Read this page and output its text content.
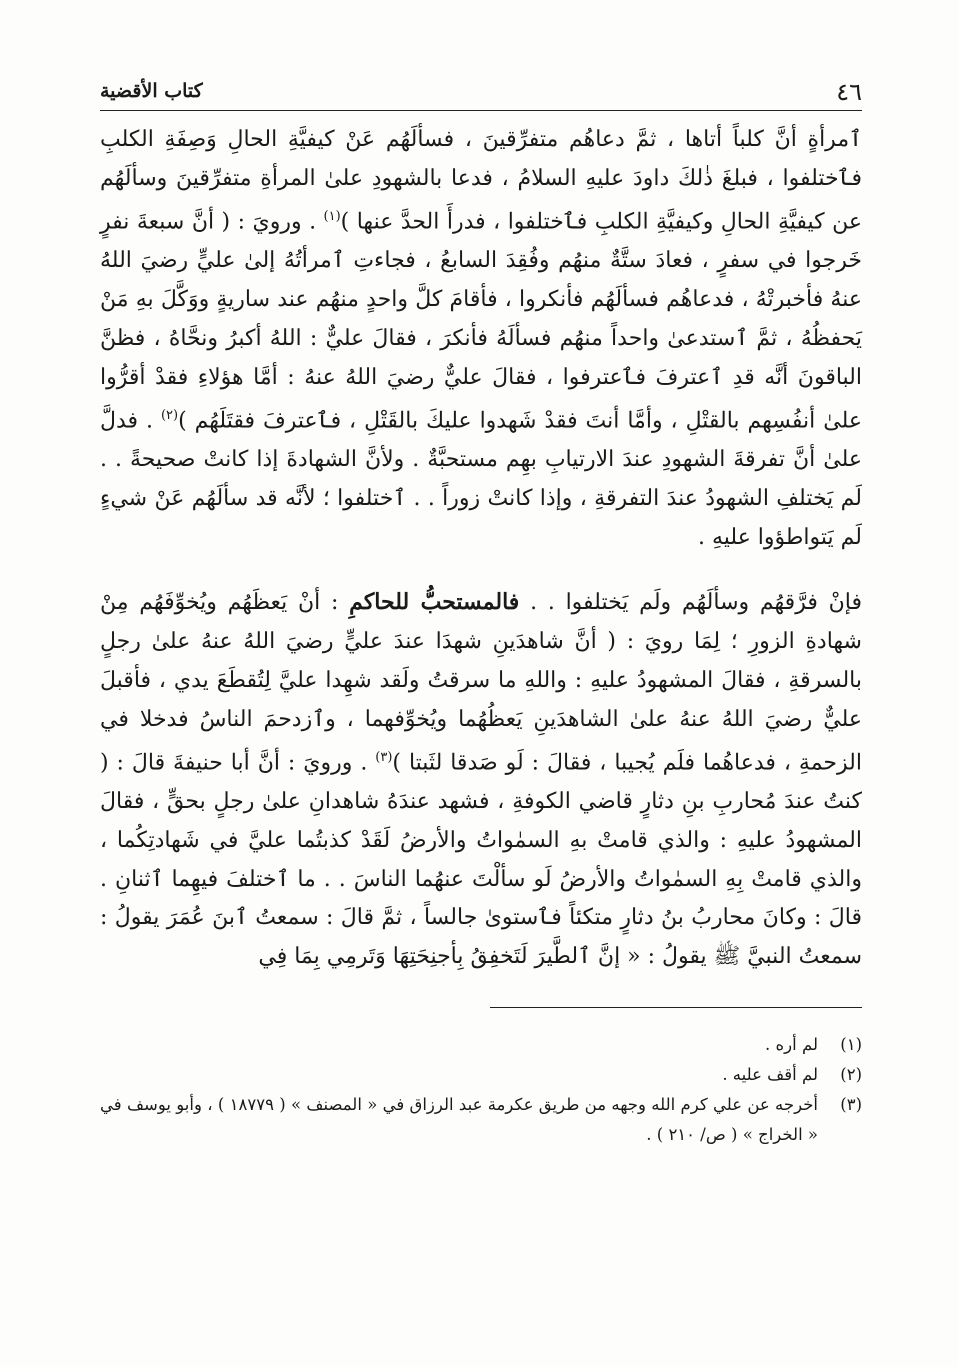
٤٦
كتاب الأقضية

ٱمرأةٍ أنَّ كلباً أتاها ، ثمَّ دعاهُم متفرِّقينَ ، فسألَهُم عَنْ كيفيَّةِ الحالِ وَصِفَةِ الكلبِ فٱختلفوا ، فبلغَ ذٰلكَ داودَ عليهِ السلامُ ، فدعا بالشهودِ علىٰ المرأةِ متفرِّقينَ وسألَهُم عن كيفيَّةِ الحالِ وكيفيَّةِ الكلبِ فٱختلفوا ، فدرأَ الحدَّ عنها )$^{(١)}$ . ورويَ : ( أنَّ سبعةَ نفرٍ خَرجوا في سفرٍ ، فعادَ ستَّةٌ منهُم وفُقِدَ السابعُ ، فجاءتِ ٱمرأتُهُ إلىٰ عليٍّ رضيَ اللهُ عنهُ فأخبرتْهُ ، فدعاهُم فسألَهُم فأنكروا ، فأقامَ كلَّ واحدٍ منهُم عند ساريةٍ ووَكَّلَ بهِ مَنْ يَحفظُهُ ، ثمَّ ٱستدعىٰ واحداً منهُم فسألَهُ فأنكرَ ، فقالَ عليٌّ : اللهُ أكبرُ ونحَّاهُ ، فظنَّ الباقونَ أنَّه قدِ ٱعترفَ فٱعترفوا ، فقالَ عليٌّ رضيَ اللهُ عنهُ : أمَّا هؤلاءِ فقدْ أقرُّوا علىٰ أنفُسِهم بالقتْلِ ، وأمَّا أنتَ فقدْ شَهدوا عليكَ بالقَتْلِ ، فٱعترفَ فقتَلَهُم )$^{(٢)}$ . فدلَّ علىٰ أنَّ تفرقةَ الشهودِ عندَ الارتيابِ بهِم مستحبَّةٌ . ولأنَّ الشهادةَ إذا كانتْ صحيحةً . . لَم يَختلفِ الشهودُ عندَ التفرقةِ ، وإذا كانتْ زوراً . . ٱختلفوا ؛ لأنَّه قد سألَهُم عَنْ شيءٍ لَم يَتواطؤوا عليهِ .

فإنْ فرَّقهُم وسألَهُم ولَم يَختلفوا . . فالمستحبُّ للحاكمِ : أنْ يَعظَهُم ويُخوِّفَهُم مِنْ شهادةِ الزورِ ؛ لِمَا رويَ : ( أنَّ شاهدَينِ شهدَا عندَ عليٍّ رضيَ اللهُ عنهُ علىٰ رجلٍ بالسرقةِ ، فقالَ المشهودُ عليهِ : واللهِ ما سرقتُ ولَقد شهِدا عليَّ لِتُقطَعَ يدي ، فأقبلَ عليٌّ رضيَ اللهُ عنهُ علىٰ الشاهدَينِ يَعظُهُما ويُخوِّفهما ، وٱزدحمَ الناسُ فدخلا في الزحمةِ ، فدعاهُما فلَم يُجيبا ، فقالَ : لَو صَدقا لثَبتا )$^{(٣)}$ . ورويَ : أنَّ أبا حنيفةَ قالَ : ( كنتُ عندَ مُحاربِ بنِ دثارٍ قاضي الكوفةِ ، فشهد عندَهُ شاهدانِ علىٰ رجلٍ بحقٍّ ، فقالَ المشهودُ عليهِ : والذي قامتْ بهِ السمٰواتُ والأرضُ لَقَدْ كذبتُما عليَّ في شَهادتِكُما ، والذي قامتْ بِهِ السمٰواتُ والأرضُ لَو سألْتَ عنهُما الناسَ . . ما ٱختلفَ فيهِما ٱثنانِ . قالَ : وكانَ محاربُ بنُ دثارٍ متكئاً فٱستوىٰ جالساً ، ثمَّ قالَ : سمعتُ ٱبنَ عُمَرَ يقولُ : سمعتُ النبيَّ ﷺ يقولُ : « إنَّ ٱلطَّيرَ لَتَخفِقُ بِأجنِحَتِهَا وَتَرمِي بِمَا فِي

(١)
لم أره .
(٢)
لم أقف عليه .
(٣)
أخرجه عن علي كرم الله وجهه من طريق عكرمة عبد الرزاق في « المصنف » ( ١٨٧٧٩ ) ، وأبو يوسف في « الخراج » ( ص/ ٢١٠ ) .
